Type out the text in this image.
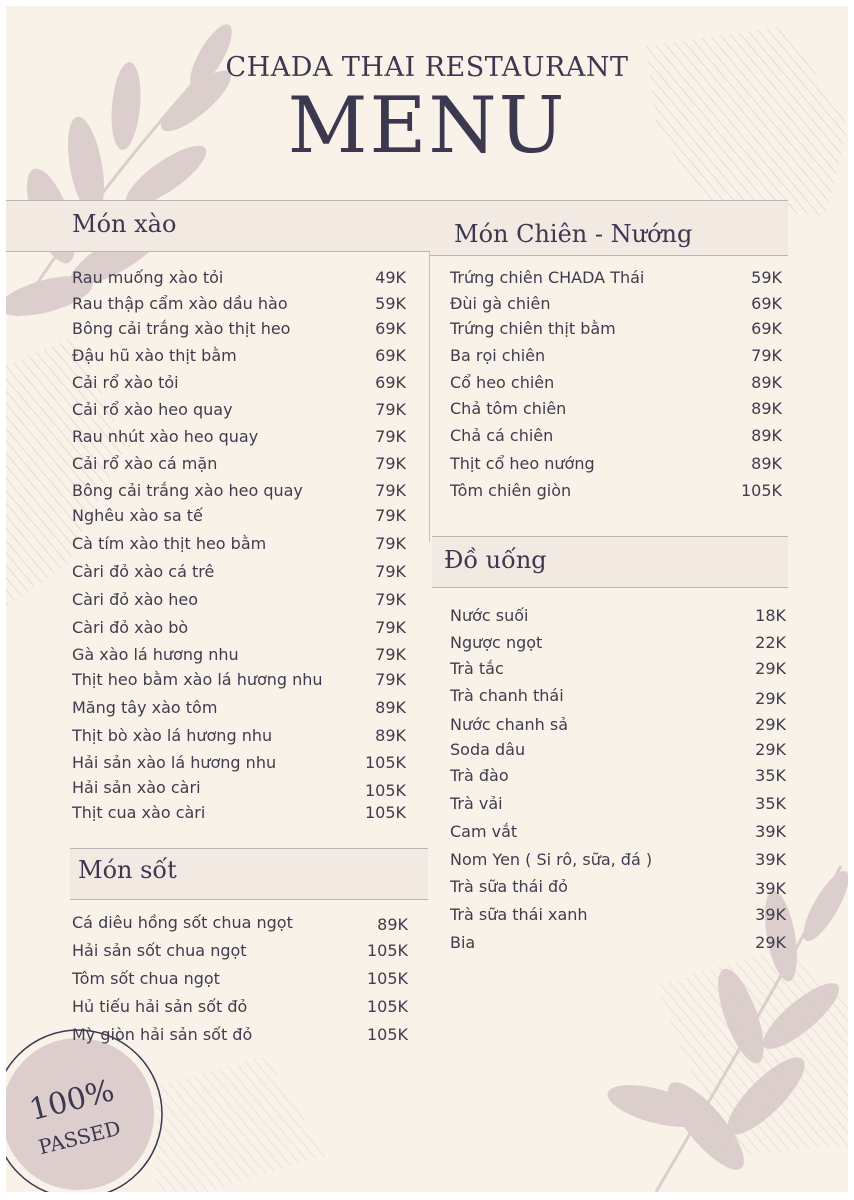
CHADA THAI RESTAURANT
MENU
Món xào	Món Chiên - Nướng
Món sốt
Đồ uống
Rau muống xào tỏi	49K
Rau thập cẩm xào dầu hào	59K
Bông cải trắng xào thịt heo	69K
Đậu hũ xào thịt bằm	69K
Cải rổ xào tỏi	69K
Cải rổ xào heo quay	79K
Rau nhút xào heo quay	79K
Cải rổ xào cá mặn	79K
Bông cải trắng xào heo quay	79K
Nghêu xào sa tế	79K
Cà tím xào thịt heo bằm	79K
Càri đỏ xào cá trê	79K
Càri đỏ xào heo	79K
Càri đỏ xào bò	79K
Gà xào lá hương nhu	79K
Thịt heo bằm xào lá hương nhu	79K
Măng tây xào tôm	89K
Thịt bò xào lá hương nhu	89K
Hải sản xào lá hương nhu	105K
Hải sản xào càri	105K
Thịt cua xào càri	105K
Cá diêu hồng sốt chua ngọt	89K
Hải sản sốt chua ngọt	105K
Tôm sốt chua ngọt	105K
Hủ tiếu hải sản sốt đỏ	105K
Mỳ giòn hải sản sốt đỏ	105K
Trứng chiên CHADA Thái	59K
Đùi gà chiên	69K
Trứng chiên thịt bằm	69K
Ba rọi chiên	79K
Cổ heo chiên	89K
Chả tôm chiên	89K
Chả cá chiên	89K
Thịt cổ heo nướng	89K
Tôm chiên giòn	105K
Nước suối	18K
Ngược ngọt	22K
Trà tắc	29K
Trà chanh thái	29K
Nước chanh sả	29K
Soda dâu	29K
Trà đào	35K
Trà vải	35K
Cam vắt	39K
Nom Yen ( Si rô, sữa, đá )	39K
Trà sữa thái đỏ	39K
Trà sữa thái xanh	39K
Bia	29K
100%
PASSED
